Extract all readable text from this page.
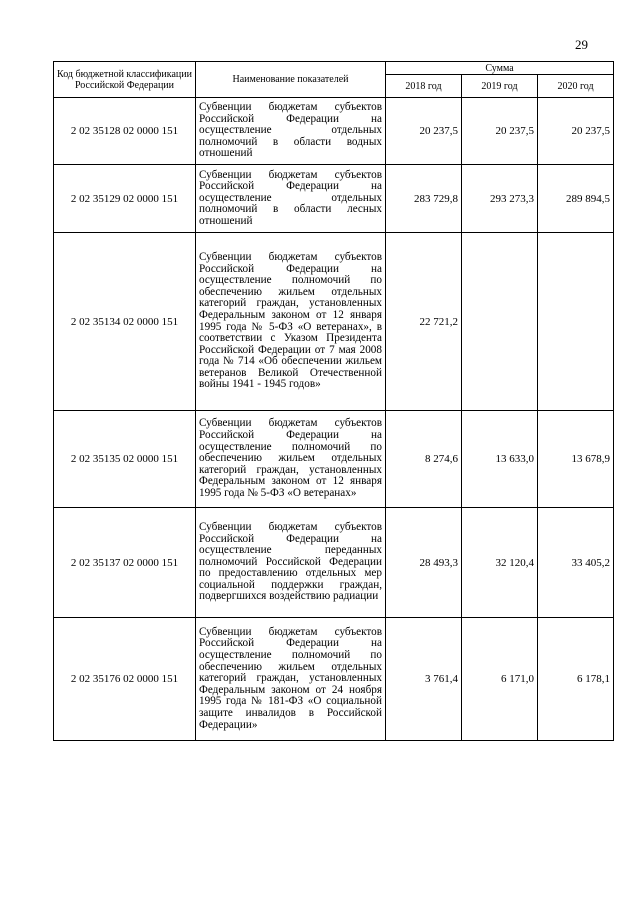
29
Код бюджетной классификации Российской Федерации	Наименование показателей	Сумма		
		2018 год	2019 год	2020 год
2 02 35128 02 0000 151	Субвенции бюджетам субъектов Российской Федерации на осуществление отдельных полномочий в области водных отношений	20 237,5	20 237,5	20 237,5
2 02 35129 02 0000 151	Субвенции бюджетам субъектов Российской Федерации на осуществление отдельных полномочий в области лесных отношений	283 729,8	293 273,3	289 894,5
2 02 35134 02 0000 151	Субвенции бюджетам субъектов Российской Федерации на осуществление полномочий по обеспечению жильем отдельных категорий граждан, установленных Федеральным законом от 12 января 1995 года № 5-ФЗ «О ветеранах», в соответствии с Указом Президента Российской Федерации от 7 мая 2008 года № 714 «Об обеспечении жильем ветеранов Великой Отечественной войны 1941 - 1945 годов»	22 721,2		
2 02 35135 02 0000 151	Субвенции бюджетам субъектов Российской Федерации на осуществление полномочий по обеспечению жильем отдельных категорий граждан, установленных Федеральным законом от 12 января 1995 года № 5-ФЗ «О ветеранах»	8 274,6	13 633,0	13 678,9
2 02 35137 02 0000 151	Субвенции бюджетам субъектов Российской Федерации на осуществление переданных полномочий Российской Федерации по предоставлению отдельных мер социальной поддержки граждан, подвергшихся воздействию радиации	28 493,3	32 120,4	33 405,2
2 02 35176 02 0000 151	Субвенции бюджетам субъектов Российской Федерации на осуществление полномочий по обеспечению жильем отдельных категорий граждан, установленных Федеральным законом от 24 ноября 1995 года № 181-ФЗ «О социальной защите инвалидов в Российской Федерации»	3 761,4	6 171,0	6 178,1
